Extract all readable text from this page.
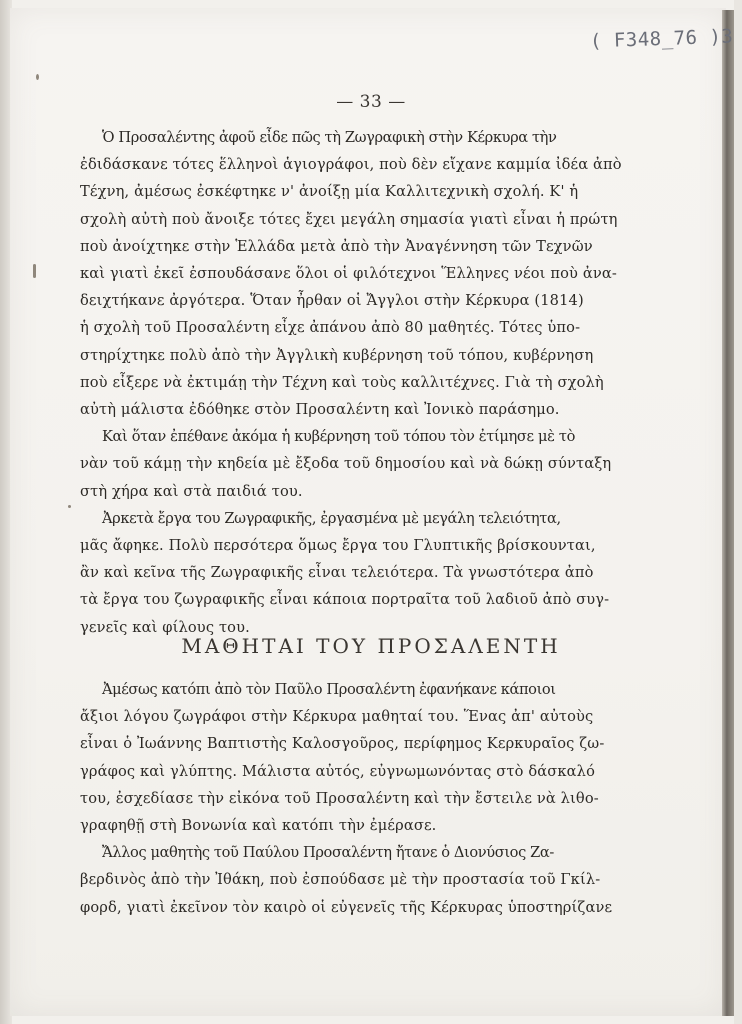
( F348_76 )3
— 33 —

Ὁ Προσαλέντης ἀφοῦ εἶδε πῶς τὴ Ζωγραφικὴ στὴν Κέρκυρα τὴν
ἐδιδάσκανε τότες ἕλληνοὶ ἁγιογράφοι, ποὺ δὲν εἴχανε καμμία ἰδέα ἀπὸ
Τέχνη, ἀμέσως ἐσκέφτηκε ν' ἀνοίξῃ μία Καλλιτεχνικὴ σχολή. Κ' ἡ
σχολὴ αὐτὴ ποὺ ἄνοιξε τότες ἔχει μεγάλη σημασία γιατὶ εἶναι ἡ πρώτη
ποὺ ἀνοίχτηκε στὴν Ἑλλάδα μετὰ ἀπὸ τὴν Ἀναγέννηση τῶν Τεχνῶν
καὶ γιατὶ ἐκεῖ ἐσπουδάσανε ὅλοι οἱ φιλότεχνοι Ἕλληνες νέοι ποὺ ἀνα-
δειχτήκανε ἀργότερα. Ὅταν ἦρθαν οἱ Ἄγγλοι στὴν Κέρκυρα (1814)
ἡ σχολὴ τοῦ Προσαλέντη εἶχε ἀπάνου ἀπὸ 80 μαθητές. Τότες ὑπο-
στηρίχτηκε πολὺ ἀπὸ τὴν Ἀγγλικὴ κυβέρνηση τοῦ τόπου, κυβέρνηση
ποὺ εἶξερε νὰ ἐκτιμάῃ τὴν Τέχνη καὶ τοὺς καλλιτέχνες. Γιὰ τὴ σχολὴ
αὐτὴ μάλιστα ἐδόθηκε στὸν Προσαλέντη καὶ Ἰονικὸ παράσημο.

Καὶ ὅταν ἐπέθανε ἀκόμα ἡ κυβέρνηση τοῦ τόπου τὸν ἐτίμησε μὲ τὸ
νὰν τοῦ κάμῃ τὴν κηδεία μὲ ἔξοδα τοῦ δημοσίου καὶ νὰ δώκῃ σύνταξη
στὴ χήρα καὶ στὰ παιδιά του.

Ἀρκετὰ ἔργα του Ζωγραφικῆς, ἐργασμένα μὲ μεγάλη τελειότητα,
μᾶς ἄφηκε. Πολὺ περσότερα ὅμως ἔργα του Γλυπτικῆς βρίσκουνται,
ἂν καὶ κεῖνα τῆς Ζωγραφικῆς εἶναι τελειότερα. Τὰ γνωστότερα ἀπὸ
τὰ ἔργα του ζωγραφικῆς εἶναι κάποια πορτραῖτα τοῦ λαδιοῦ ἀπὸ συγ-
γενεῖς καὶ φίλους του.

ΜΑΘΗΤΑΙ ΤΟΥ ΠΡΟΣΑΛΕΝΤΗ

Ἀμέσως κατόπι ἀπὸ τὸν Παῦλο Προσαλέντη ἐφανήκανε κάποιοι
ἄξιοι λόγου ζωγράφοι στὴν Κέρκυρα μαθηταί του. Ἕνας ἀπ' αὐτοὺς
εἶναι ὁ Ἰωάννης Βαπτιστὴς Καλοσγοῦρος, περίφημος Κερκυραῖος ζω-
γράφος καὶ γλύπτης. Μάλιστα αὐτός, εὐγνωμωνόντας στὸ δάσκαλό
του, ἐσχεδίασε τὴν εἰκόνα τοῦ Προσαλέντη καὶ τὴν ἔστειλε νὰ λιθο-
γραφηθῇ στὴ Βονωνία καὶ κατόπι τὴν ἐμέρασε.

Ἄλλος μαθητὴς τοῦ Παύλου Προσαλέντη ἤτανε ὁ Διονύσιος Ζα-
βερδινὸς ἀπὸ τὴν Ἰθάκη, ποὺ ἐσπούδασε μὲ τὴν προστασία τοῦ Γκίλ-
φορδ, γιατὶ ἐκεῖνον τὸν καιρὸ οἱ εὐγενεῖς τῆς Κέρκυρας ὑποστηρίζανε
